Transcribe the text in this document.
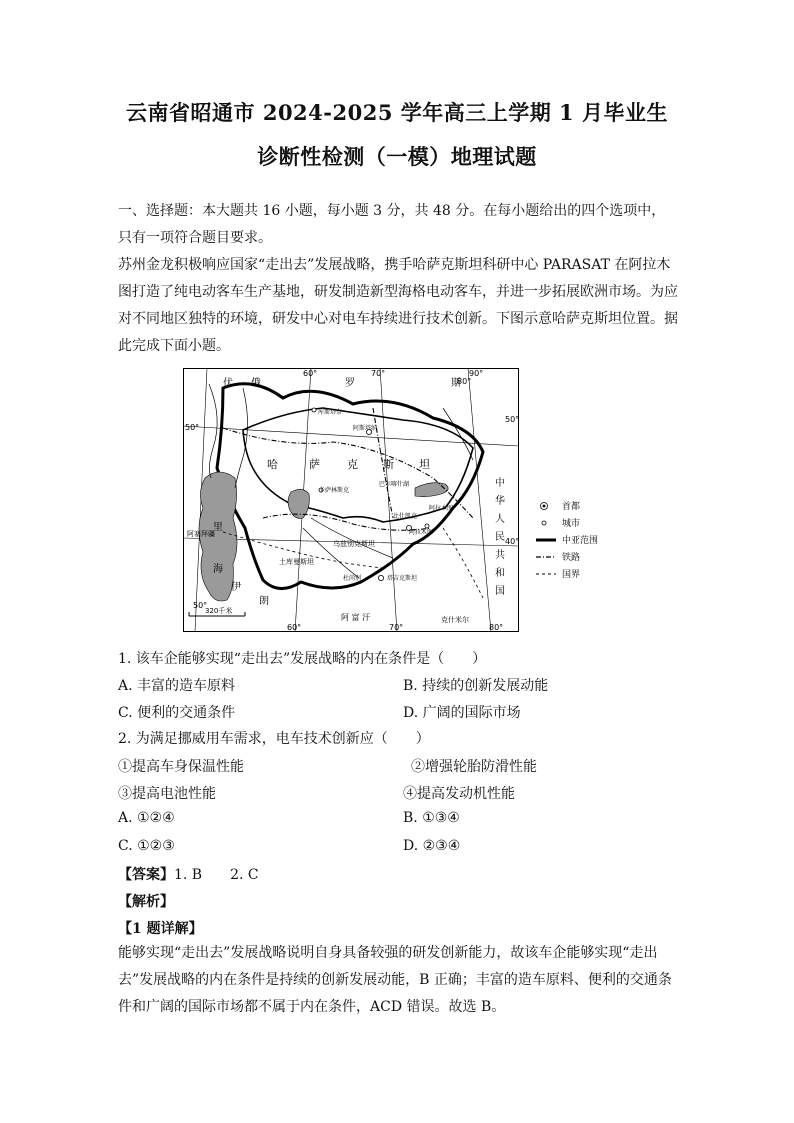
云南省昭通市 2024-2025 学年高三上学期 1 月毕业生
诊断性检测（一模）地理试题
一、选择题：本大题共 16 小题，每小题 3 分，共 48 分。在每小题给出的四个选项中，只有一项符合题目要求。
苏州金龙积极响应国家“走出去”发展战略，携手哈萨克斯坦科研中心 PARASAT 在阿拉木图打造了纯电动客车生产基地，研发制造新型海格电动客车，并进一步拓展欧洲市场。为应对不同地区独特的环境，研发中心对电车持续进行技术创新。下图示意哈萨克斯坦位置。据此完成下面小题。
90°
50°
50°
40°
60°	70°
80°
50°
60°	70°	80°
伏 俄	罗	斯
哈	萨 克 斯 坦
中
华
人
民
共
和
国
里
海
伊
朗
乌兹别克斯坦
土库曼斯坦
阿 富 汗	克什米尔
阿塞拜疆
库斯塔奈
阿斯塔纳
卡萨林斯克
巴尔喀什湖
比什凯克
阿拉木图
阿拉木图
杜尚别	塔吉克斯坦
320千米
首都
城市
中亚范围
铁路
国界
1. 该车企能够实现“走出去”发展战略的内在条件是（　　）
A. 丰富的造车原料	B. 持续的创新发展动能
C. 便利的交通条件	D. 广阔的国际市场
2. 为满足挪威用车需求，电车技术创新应（　　）
①提高车身保温性能	②增强轮胎防滑性能
③提高电池性能	④提高发动机性能
A. ①②④	B. ①③④
C. ①②③	D. ②③④
【答案】1. B　　2. C
【解析】
【1 题详解】
能够实现“走出去”发展战略说明自身具备较强的研发创新能力，故该车企能够实现“走出去”发展战略的内在条件是持续的创新发展动能，B 正确；丰富的造车原料、便利的交通条件和广阔的国际市场都不属于内在条件，ACD 错误。故选 B。
